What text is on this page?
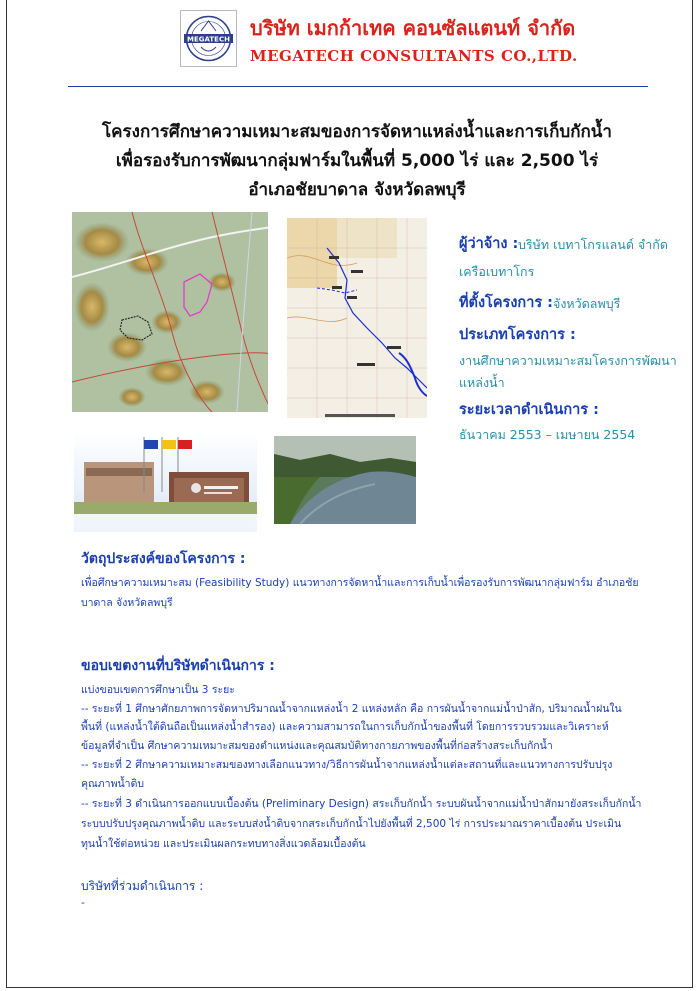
MEGATECH บริษัท เมกก้าเทค คอนซัลแตนท์ จำกัด
MEGATECH CONSULTANTS CO.,LTD.
โครงการศึกษาความเหมาะสมของการจัดหาแหล่งน้ำและการเก็บกักน้ำ
เพื่อรองรับการพัฒนากลุ่มฟาร์มในพื้นที่ 5,000 ไร่ และ 2,500 ไร่
อำเภอชัยบาดาล จังหวัดลพบุรี
ผู้ว่าจ้าง : บริษัท เบทาโกรแลนด์ จำกัด
เครือเบทาโกร
ที่ตั้งโครงการ : จังหวัดลพบุรี
ประเภทโครงการ :
งานศึกษาความเหมาะสมโครงการพัฒนา
แหล่งน้ำ
ระยะเวลาดำเนินการ :
ธันวาคม 2553 – เมษายน 2554
วัตถุประสงค์ของโครงการ :
เพื่อศึกษาความเหมาะสม (Feasibility Study) แนวทางการจัดหาน้ำและการเก็บน้ำเพื่อรองรับการพัฒนากลุ่มฟาร์ม อำเภอชัย
บาดาล จังหวัดลพบุรี
ขอบเขตงานที่บริษัทดำเนินการ :
แบ่งขอบเขตการศึกษาเป็น 3 ระยะ
-- ระยะที่ 1 ศึกษาศักยภาพการจัดหาปริมาณน้ำจากแหล่งน้ำ 2 แหล่งหลัก คือ การผันน้ำจากแม่น้ำป่าสัก, ปริมาณน้ำฝนใน
พื้นที่ (แหล่งน้ำใต้ดินถือเป็นแหล่งน้ำสำรอง) และความสามารถในการเก็บกักน้ำของพื้นที่ โดยการรวบรวมและวิเคราะห์
ข้อมูลที่จำเป็น ศึกษาความเหมาะสมของตำแหน่งและคุณสมบัติทางกายภาพของพื้นที่ก่อสร้างสระเก็บกักน้ำ
-- ระยะที่ 2 ศึกษาความเหมาะสมของทางเลือกแนวทาง/วิธีการผันน้ำจากแหล่งน้ำแต่ละสถานที่และแนวทางการปรับปรุง
คุณภาพน้ำดิบ
-- ระยะที่ 3 ดำเนินการออกแบบเบื้องต้น (Preliminary Design) สระเก็บกักน้ำ ระบบผันน้ำจากแม่น้ำป่าสักมายังสระเก็บกักน้ำ
ระบบปรับปรุงคุณภาพน้ำดิบ และระบบส่งน้ำดิบจากสระเก็บกักน้ำไปยังพื้นที่ 2,500 ไร่ การประมาณราคาเบื้องต้น ประเมิน
ทุนน้ำใช้ต่อหน่วย และประเมินผลกระทบทางสิ่งแวดล้อมเบื้องต้น
บริษัทที่ร่วมดำเนินการ :
-
